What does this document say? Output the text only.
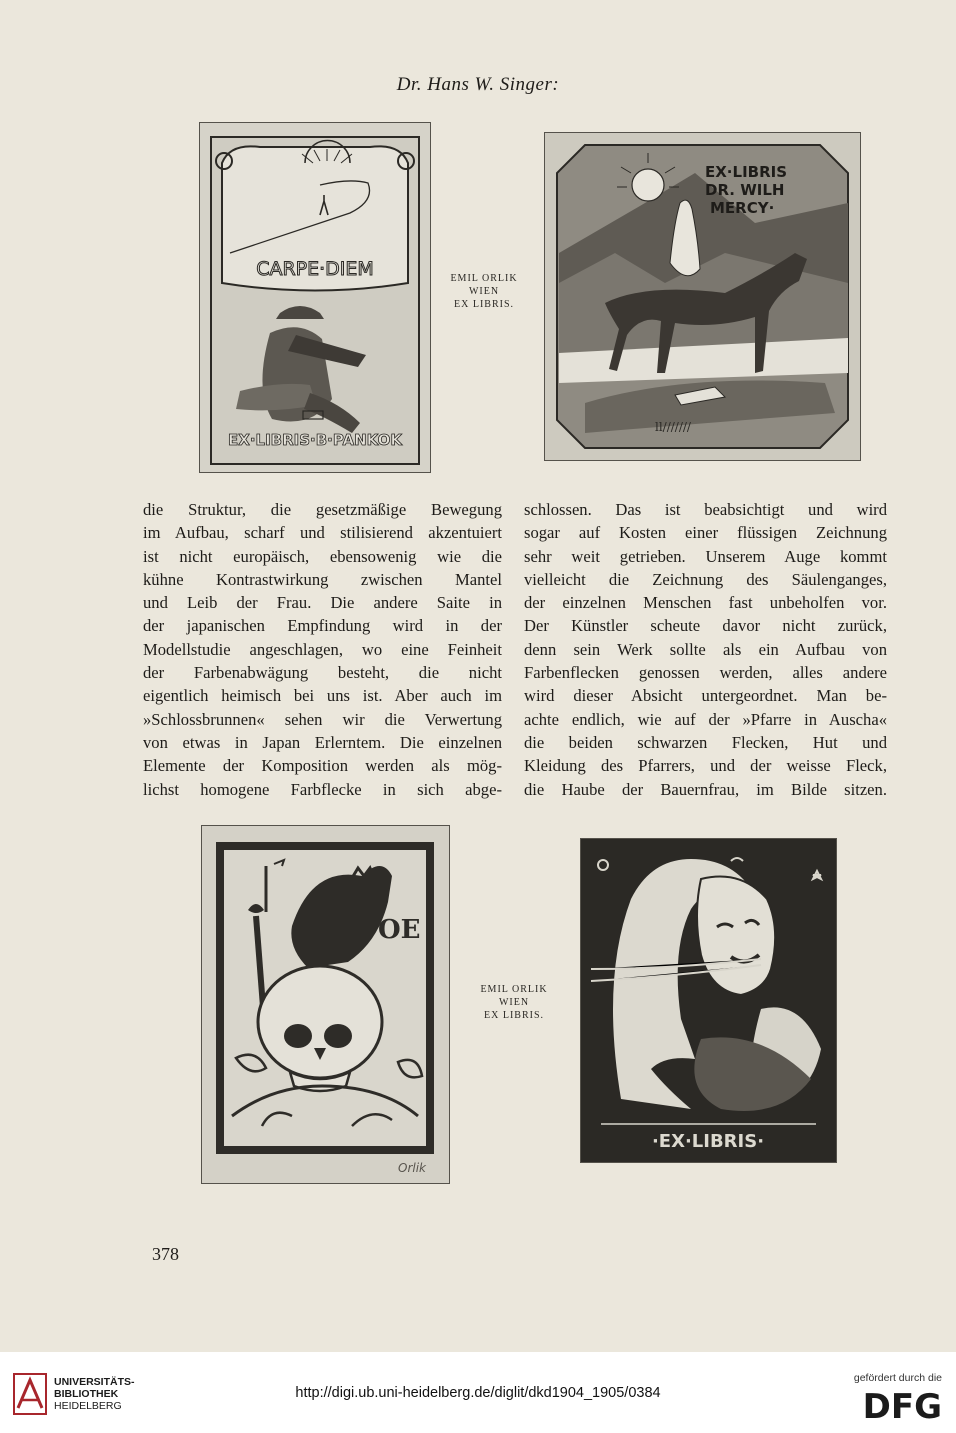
Dr. Hans W. Singer:
CARPE·DIEM
EX·LIBRIS·B·PANKOK
EMIL ORLIK
WIEN
EX LIBRIS.
EX·LIBRIS
DR. WILH
MERCY·
ll///////
die Struktur, die gesetzmäßige Bewegung
im Aufbau, scharf und stilisierend akzentuiert
ist nicht europäisch, ebensowenig wie die
kühne Kontrastwirkung zwischen Mantel
und Leib der Frau. Die andere Saite in
der japanischen Empfindung wird in der
Modellstudie angeschlagen, wo eine Feinheit
der Farbenabwägung besteht, die nicht
eigentlich heimisch bei uns ist. Aber auch im
»Schlossbrunnen« sehen wir die Verwertung
von etwas in Japan Erlerntem. Die einzelnen
Elemente der Komposition werden als mög-
lichst homogene Farbflecke in sich abge-
schlossen. Das ist beabsichtigt und wird
sogar auf Kosten einer flüssigen Zeichnung
sehr weit getrieben. Unserem Auge kommt
vielleicht die Zeichnung des Säulenganges,
der einzelnen Menschen fast unbeholfen vor.
Der Künstler scheute davor nicht zurück,
denn sein Werk sollte als ein Aufbau von
Farbenflecken genossen werden, alles andere
wird dieser Absicht untergeordnet. Man be-
achte endlich, wie auf der »Pfarre in Auscha«
die beiden schwarzen Flecken, Hut und
Kleidung des Pfarrers, und der weisse Fleck,
die Haube der Bauernfrau, im Bilde sitzen.
OE
Orlik
EMIL ORLIK
WIEN
EX LIBRIS.
·EX·LIBRIS·
378
UNIVERSITÄTS-
BIBLIOTHEK
HEIDELBERG
http://digi.ub.uni-heidelberg.de/diglit/dkd1904_1905/0384
gefördert durch die
DFG
